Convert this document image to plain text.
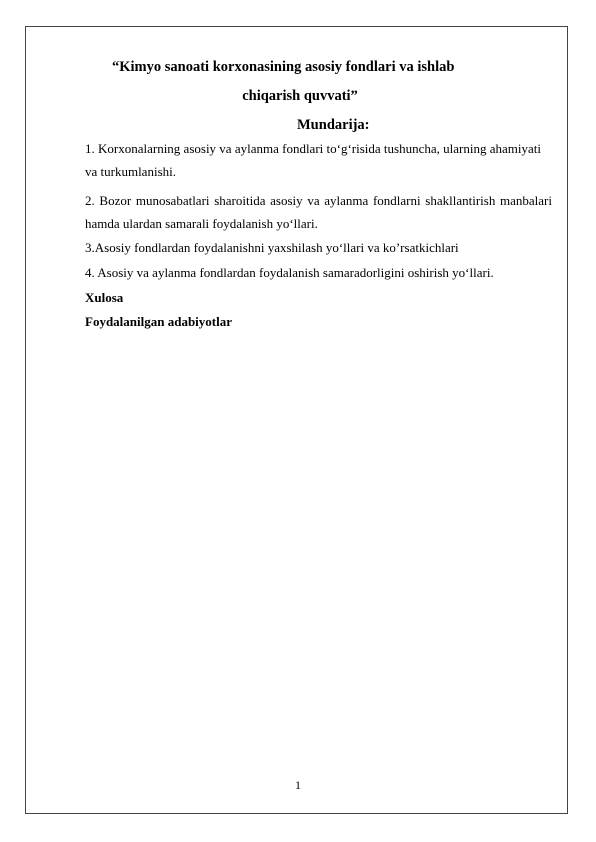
“Kimyo sanoati korxonasining asosiy fondlari va ishlab

chiqarish quvvati”

Mundarija:

1. Korxonalarning asosiy va aylanma fondlari to‘g‘risida tushuncha, ularning ahamiyati va turkumlanishi.

2. Bozor munosabatlari sharoitida asosiy va aylanma fondlarni shakllantirish manbalari hamda ulardan samarali foydalanish yo‘llari.

3.Asosiy fondlardan foydalanishni yaxshilash yo‘llari va ko’rsatkichlari

4. Asosiy va aylanma fondlardan foydalanish samaradorligini oshirish yo‘llari.

Xulosa

Foydalanilgan adabiyotlar

1
